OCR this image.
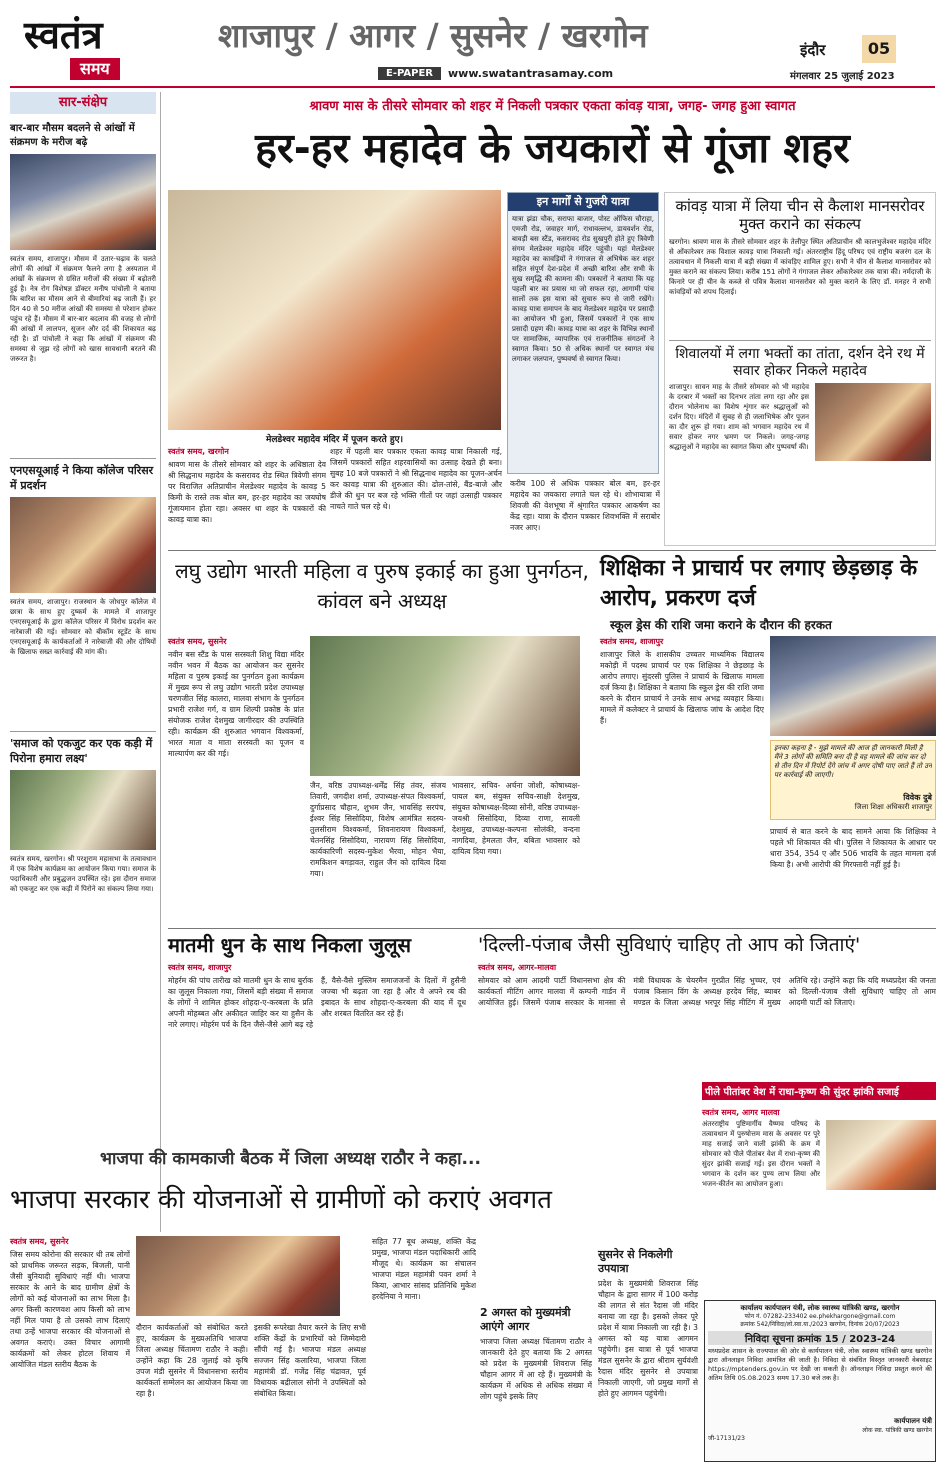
स्वतंत्र
समय
शाजापुर / आगर / सुसनेर / खरगोन
E-PAPER	www.swatantrasamay.com
इंदौर	05
मंगलवार 25 जुलाई 2023
सार-संक्षेप
बार-बार मौसम बदलने से आंखों में संक्रमण के मरीज बढ़े
स्वतंत्र समय, शाजापुर। मौसम में उतार-चढ़ाव के चलते लोगों की आंखों में संक्रमण फैलने लगा है अस्पताल में आंखों के संक्रमण से ग्रसित मरीजों की संख्या में बढ़ोतरी हुई है। नेत्र रोग विशेषज्ञ डॉक्टर मनीष पांचोली ने बताया कि बारिश का मौसम आने से बीमारियां बढ़ जाती हैं। हर दिन 40 से 50 मरीज आंखों की समस्या से परेशान होकर पहुंच रहे हैं। मौसम में बार-बार बदलाव की वजह से लोगों की आंखों में लालपन, सूजन और दर्द की शिकायत बढ़ रही है। डॉ पांचोली ने कहा कि आंखों में संक्रमण की समस्या से जूझ रहे लोगों को खास सावधानी बरतने की जरूरत है।
एनएसयूआई ने किया कॉलेज परिसर में प्रदर्शन
स्वतंत्र समय, शाजापुर। राजस्थान के जोधपुर कॉलेज में छात्रा के साथ हुए दुष्कर्म के मामले में शाजापुर एनएसयूआई के द्वारा कॉलेज परिसर में विरोध प्रदर्शन कर नारेबाजी की गई। सोमवार को बीकॉम स्टूडेंट के साथ एनएसयूआई के कार्यकर्ताओं ने नारेबाजी की और दोषियों के खिलाफ सख्त कार्रवाई की मांग की।
'समाज को एकजुट कर एक कड़ी में पिरोना हमारा लक्ष्य'
स्वतंत्र समय, खरगोन। श्री परशुराम महासभा के तत्वावधान में एक विशेष कार्यक्रम का आयोजन किया गया। समाज के पदाधिकारी और प्रबुद्धजन उपस्थित रहे। इस दौरान समाज को एकजुट कर एक कड़ी में पिरोने का संकल्प लिया गया।
श्रावण मास के तीसरे सोमवार को शहर में निकली पत्रकार एकता कांवड़ यात्रा, जगह- जगह हुआ स्वागत
हर-हर महादेव के जयकारों से गूंजा शहर
मेलडेश्वर महादेव मंदिर में पूजन करते हुए।
स्वतंत्र समय, खरगोन
श्रावण मास के तीसरे सोमवार को शहर के अधिष्ठाता देव श्री सिद्धनाथ महादेव के कसरावद रोड स्थित त्रिवेणी संगम पर विराजित अतिप्राचीन मेलडेश्वर महादेव के कावड़ 5 किमी के रास्ते तक बोल बम, हर-हर महादेव का जयघोष गूंजायमान होता रहा। अवसर था शहर के पत्रकारों की कावड़ यात्रा का।
शहर में पहली बार पत्रकार एकता कावड़ यात्रा निकाली गई, जिसमें पत्रकारों सहित शहरवासियों का उत्साह देखते ही बना। सुबह 10 बजे पत्रकारों ने श्री सिद्धनाथ महादेव का पूजन-अर्चन कर कावड़ यात्रा की शुरुआत की। ढोल-तांसे, बैंड-बाजे और डीजे की धुन पर बज रहे भक्ति गीतों पर जहां उत्साही पत्रकार नाचते गाते चल रहे थे।
करीब 100 से अधिक पत्रकार बोल बम, हर-हर महादेव का जयकारा लगाते चल रहे थे। शोभायात्रा में शिवजी की वेशभूषा में श्रृंगारित पत्रकार आकर्षण का केंद्र रहा। यात्रा के दौरान पत्रकार शिवभक्ति में सराबोर नजर आए।
इन मार्गों से गुजरी यात्रा
यात्रा झंडा चौक, सराफा बाजार, पोस्ट ऑफिस चौराहा, एमजी रोड, जवाहर मार्ग, राधावल्लभ, डायवर्शन रोड, बावड़ी बस स्टैंड, कसरावद रोड सुखपुरी होते हुए त्रिवेणी संगम मेलडेश्वर महादेव मंदिर पहुंची। यहां मेलडेश्वर महादेव का कावड़ियों ने गंगाजल से अभिषेक कर शहर सहित संपूर्ण देश-प्रदेश में अच्छी बारिश और सभी के सुख समृद्धि की कामना की। पत्रकारों ने बताया कि यह पहली बार का प्रयास था जो सफल रहा, आगामी पांच सालों तक इस यात्रा को सुचारु रूप से जारी रखेंगे। कावड़ यात्रा समापन के बाद मेलडेश्वर महादेव पर प्रसादी का आयोजन भी हुआ, जिसमें पत्रकारों ने एक साथ प्रसादी ग्रहण की। कावड़ यात्रा का शहर के विभिन्न स्थानों पर सामाजिक, व्यापारिक एवं राजनीतिक संगठनों ने स्वागत किया। 50 से अधिक स्थानों पर स्वागत मंच लगाकर जलपान, पुष्पवर्षा से स्वागत किया।
कांवड़ यात्रा में लिया चीन से कैलाश मानसरोवर मुक्त कराने का संकल्प
खरगोन। श्रावण मास के तीसरे सोमवार शहर के तेलीपुर स्थित अतिप्राचीन श्री कालभुजेश्वर महादेव मंदिर से ओंकारेश्वर तक विशाल कावड़ यात्रा निकाली गई। अंतरराष्ट्रीय हिंदू परिषद एवं राष्ट्रीय बजरंग दल के तत्वावधान में निकली यात्रा में बड़ी संख्या में कांवड़िए शामिल हुए। सभी ने चीन से कैलाश मानसरोवर को मुक्त कराने का संकल्प लिया। करीब 151 लोगों ने गंगाजल लेकर ओंकारेश्वर तक यात्रा की। नर्मदाजी के किनारे पर ही चीन के कब्जे से पवित्र कैलाश मानसरोवर को मुक्त कराने के लिए डॉ. मनहर ने सभी कांवड़ियों को शपथ दिलाई।
शिवालयों में लगा भक्तों का तांता, दर्शन देने रथ में सवार होकर निकले महादेव
शाजापुर। सावन माह के तीसरे सोमवार को भी महादेव के दरबार में भक्तों का दिनभर तांता लगा रहा और इस दौरान भोलेनाथ का विशेष शृंगार कर श्रद्धालुओं को दर्शन दिए। मंदिरों में सुबह से ही जलाभिषेक और पूजन का दौर शुरू हो गया। शाम को भगवान महादेव रथ में सवार होकर नगर भ्रमण पर निकले। जगह-जगह श्रद्धालुओं ने महादेव का स्वागत किया और पुष्पवर्षा की।
लघु उद्योग भारती महिला व पुरुष इकाई का हुआ पुनर्गठन, कांवल बने अध्यक्ष
स्वतंत्र समय, सुसनेर
नवीन बस स्टैंड के पास सरस्वती शिशु विद्या मंदिर नवीन भवन में बैठक का आयोजन कर सुसनेर महिला व पुरुष इकाई का पुनर्गठन हुआ कार्यक्रम में मुख्य रूप से लघु उद्योग भारती प्रदेश उपाध्यक्ष चरणजीत सिंह कालरा, मालवा संभाग के पुनर्गठन प्रभारी राजेश गर्ग, व ग्राम शिल्पी प्रकोष्ठ के प्रांत संयोजक राजेश देशमुख जागीरदार की उपस्थिति रही। कार्यक्रम की शुरुआत भगवान विश्वकर्मा, भारत माता व माता सरस्वती का पूजन व माल्यार्पण कर की गई।
जैन, वरिष्ठ उपाध्यक्ष-धर्मेंद्र सिंह तंवर, संजय तिवारी, जगदीश शर्मा, उपाध्यक्ष-संपत विश्वकर्मा, दुर्गाप्रसाद चौहान, शुभम जैन, भावसिंह सरपंच, ईश्वर सिंह सिसोदिया, विशेष आमंत्रित सदस्य-तुलसीराम विश्वकर्मा, शिवनारायण विश्वकर्मा, चेतनसिंह सिसोदिया, नारायण सिंह सिसोदिया, कार्यकारिणी सदस्य-मुकेश भैरवा, मोहन भैया, रामकिशन बगड़ावत, राहुल जैन को दायित्व दिया गया।
भावसार, सचिव- अर्चना जोशी, कोषाध्यक्ष-पायल बम, संयुक्त सचिव-साक्षी देशमुख, संयुक्त कोषाध्यक्ष-दिव्या सोनी, वरिष्ठ उपाध्यक्ष-जयश्री सिसोदिया, दिव्या राणा, सावली देशमुख, उपाध्यक्ष-कल्पना सोलंकी, वन्दना नागदिया, हेमलता जैन, बबिता भावसार को दायित्व दिया गया।
शिक्षिका ने प्राचार्य पर लगाए छेड़छाड़ के आरोप, प्रकरण दर्ज
स्कूल ड्रेस की राशि जमा कराने के दौरान की हरकत
स्वतंत्र समय, शाजापुर
शाजापुर जिले के शासकीय उच्चतर माध्यमिक विद्यालय मकोड़ी में पदस्थ प्राचार्य पर एक शिक्षिका ने छेड़छाड़ के आरोप लगाए। सुंदरसी पुलिस ने प्राचार्य के खिलाफ मामला दर्ज किया है। शिक्षिका ने बताया कि स्कूल ड्रेस की राशि जमा करने के दौरान प्राचार्य ने उनके साथ अभद्र व्यवहार किया। मामले में कलेक्टर ने प्राचार्य के खिलाफ जांच के आदेश दिए हैं।
इनका कहना है - मुझे मामले की आज ही जानकारी मिली है मैंने 3 लोगों की समिति बना दी है वह मामले की जांच कर दो से तीन दिन में रिपोर्ट देंगे जांच में अगर दोषी पाए जाते हैं तो उन पर कार्रवाई की जाएगी।
विवेक दुबे
जिला शिक्षा अधिकारी शाजापुर
प्राचार्य से बात करने के बाद सामने आया कि शिक्षिका ने पहले भी शिकायत की थी। पुलिस ने शिकायत के आधार पर धारा 354, 354 ए और 506 भादवि के तहत मामला दर्ज किया है। अभी आरोपी की गिरफ्तारी नहीं हुई है।
मातमी धुन के साथ निकला जुलूस
स्वतंत्र समय, शाजापुर
मोहर्रम की पांच तारीख को मातमी धुन के साथ बुर्राक का जुलूस निकाला गया, जिसमें बड़ी संख्या में समाज के लोगों ने शामिल होकर शोहदा-ए-करबला के प्रति अपनी मोहब्बत और अकीदत जाहिर कर या हुसैन के नारे लगाए। मोहर्रम पर्व के दिन जैसे-जैसे आगे बढ़ रहे हैं, वैसे-वैसे मुस्लिम समाजजनों के दिलों में हुसैनी जज्बा भी बढ़ता जा रहा है और वे अपने रब की इबादत के साथ शोहदा-ए-करबला की याद में दूध और शरबत वितरित कर रहे हैं।
'दिल्ली-पंजाब जैसी सुविधाएं चाहिए तो आप को जिताएं'
स्वतंत्र समय, आगर-मालवा
सोमवार को आम आदमी पार्टी विधानसभा क्षेत्र की कार्यकर्ता मीटिंग आगर मालवा में कम्पनी गार्डन में आयोजित हुई। जिसमें पंजाब सरकार के मानसा से मंत्री विधायक के चेयरमैन गुरप्रीत सिंह भुच्चर, एवं पंजाब किसान विंग के अध्यक्ष हरदेव सिंह, ब्याबर मण्डल के जिला अध्यक्ष भरपूर सिंह मीटिंग में मुख्य अतिथि रहे। उन्होंने कहा कि यदि मध्यप्रदेश की जनता को दिल्ली-पंजाब जैसी सुविधाएं चाहिए तो आम आदमी पार्टी को जिताएं।
पीले पीतांबर वेश में राधा-कृष्ण की सुंदर झांकी सजाई
स्वतंत्र समय, आगर मालवा
अंतरराष्ट्रीय पुष्टिमार्गीय वैष्णव परिषद के तत्वावधान में पुरुषोत्तम मास के अवसर पर पूरे माह सजाई जाने वाली झांकी के क्रम में सोमवार को पीले पीतांबर वेश में राधा-कृष्ण की सुंदर झांकी सजाई गई। इस दौरान भक्तों ने भगवान के दर्शन कर पुण्य लाभ लिया और भजन-कीर्तन का आयोजन हुआ।
भाजपा की कामकाजी बैठक में जिला अध्यक्ष राठौर ने कहा...
भाजपा सरकार की योजनाओं से ग्रामीणों को कराएं अवगत
स्वतंत्र समय, सुसनेर
जिस समय कोरोना की सरकार थी तब लोगों को प्राथमिक जरूरत सड़क, बिजली, पानी जैसी बुनियादी सुविधाएं नहीं थी। भाजपा सरकार के आने के बाद ग्रामीण क्षेत्रों के लोगों को कई योजनाओं का लाभ मिला है। अगर किसी कारणवश आप किसी को लाभ नहीं मिल पाया है तो उसको लाभ दिलाएं तथा उन्हें भाजपा सरकार की योजनाओं से अवगत कराएं। उक्त विचार आगामी कार्यक्रमों को लेकर होटल शिवाय में आयोजित मंडल स्तरीय बैठक के
दौरान कार्यकर्ताओं को संबोधित करते हुए, कार्यक्रम के मुख्यअतिथि भाजपा जिला अध्यक्ष चिंतामण राठौर ने कही। उन्होंने कहा कि 28 जुलाई को कृषि उपज मंडी सुसनेर में विधानसभा स्तरीय कार्यकर्ता सम्मेलन का आयोजन किया जा रहा है।
इसकी रूपरेखा तैयार करने के लिए सभी शक्ति केंद्रों के प्रभारियों को जिम्मेदारी सौंपी गई है। भाजपा मंडल अध्यक्ष सज्जन सिंह कलारिया, भाजपा जिला महामंत्री डॉ. गजेंद्र सिंह चंद्रावत, पूर्व विधायक बद्रीलाल सोनी ने उपस्थितों को संबोधित किया।
सहित 77 बूथ अध्यक्ष, शक्ति केंद्र प्रमुख, भाजपा मंडल पदाधिकारी आदि मौजूद थे। कार्यक्रम का संचालन भाजपा मंडल महामंत्री पवन शर्मा ने किया, आभार सांसद प्रतिनिधि मुकेश हरदेनिया ने माना।
2 अगस्त को मुख्यमंत्री आएंगे आगर
भाजपा जिला अध्यक्ष चिंतामण राठौर ने जानकारी देते हुए बताया कि 2 अगस्त को प्रदेश के मुख्यमंत्री शिवराज सिंह चौहान आगर में आ रहे हैं। मुख्यमंत्री के कार्यक्रम में अधिक से अधिक संख्या में लोग पहुंचे इसके लिए
सुसनेर से निकलेगी उपयात्रा
प्रदेश के मुख्यमंत्री शिवराज सिंह चौहान के द्वारा सागर में 100 करोड़ की लागत से संत रैदास जी मंदिर बनाया जा रहा है। इसको लेकर पूरे प्रदेश में यात्रा निकाली जा रही है। 3 अगस्त को यह यात्रा आगमन पहुंचेगी। इस यात्रा से पूर्व भाजपा मंडल सुसनेर के द्वारा श्रीराम सुर्यवंशी रैदास मंदिर सुसनेर से उपयात्रा निकाली जाएगी, जो प्रमुख मार्गों से होते हुए आगमन पहुंचेगी।
कार्यालय कार्यपालन यंत्री, लोक स्वास्थ्य यांत्रिकी खण्ड, खरगोन
फोन नं. 07282-233402 ee.phekhargone@gmail.com
क्रमांक 542/निविदा/लो.स्वा.या./2023 खरगोन, दिनांक 20/07/2023
निविदा सूचना क्रमांक 15 / 2023-24
मध्यप्रदेश शासन के राज्यपाल की ओर से कार्यपालन यंत्री, लोक स्वास्थ्य यांत्रिकी खण्ड खरगोन द्वारा ऑनलाइन निविदा आमंत्रित की जाती है। निविदा से संबंधित विस्तृत जानकारी वेबसाइट https://mptenders.gov.in पर देखी जा सकती है। ऑनलाइन निविदा प्रस्तुत करने की अंतिम तिथि 05.08.2023 समय 17.30 बजे तक है।
कार्यपालन यंत्री
लोक स्वा. यांत्रिकी खण्ड खरगोन
जी-17131/23
